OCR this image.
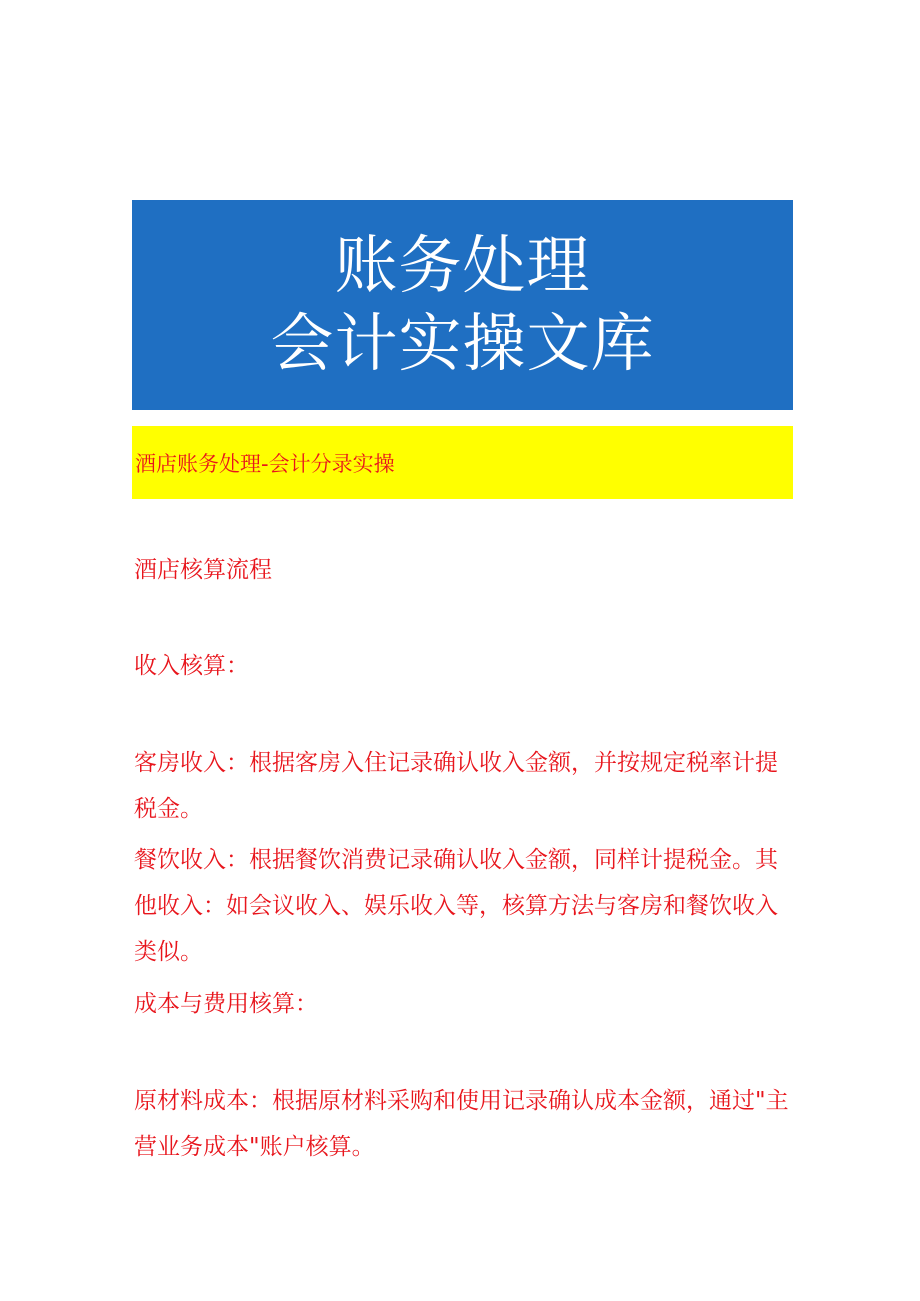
账务处理
会计实操文库
酒店账务处理-会计分录实操

酒店核算流程

收入核算：

客房收入：根据客房入住记录确认收入金额，并按规定税率计提税金。

餐饮收入：根据餐饮消费记录确认收入金额，同样计提税金。其他收入：如会议收入、娱乐收入等，核算方法与客房和餐饮收入类似。

成本与费用核算：

原材料成本：根据原材料采购和使用记录确认成本金额，通过"主营业务成本"账户核算。
